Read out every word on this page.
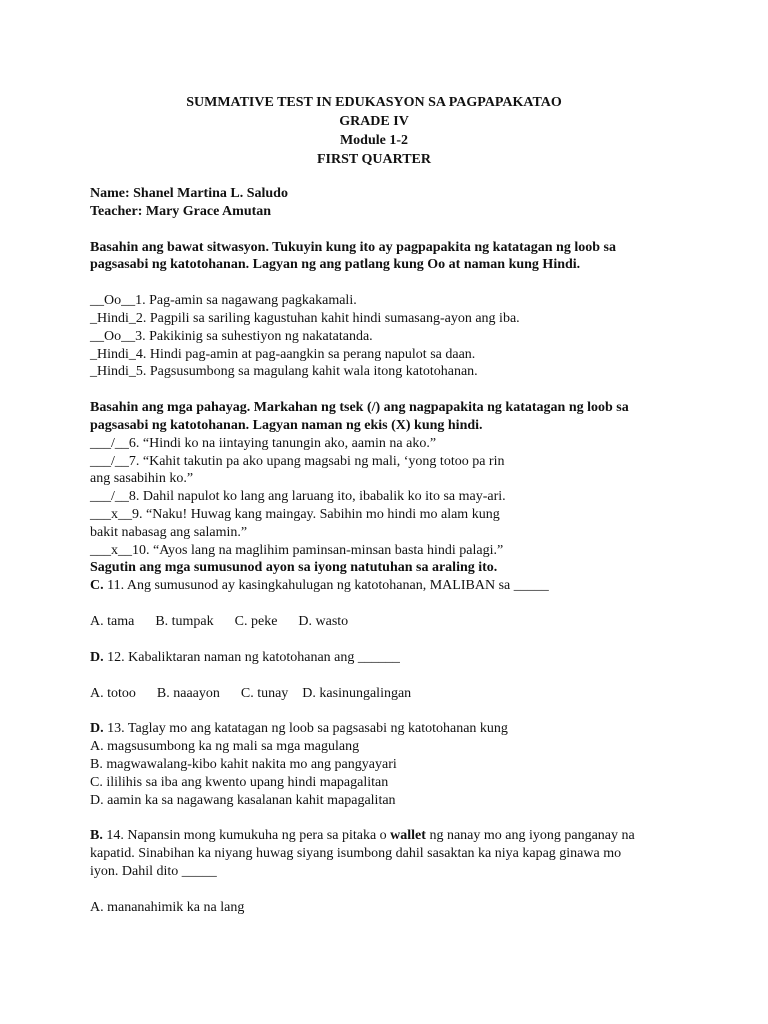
SUMMATIVE TEST IN EDUKASYON SA PAGPAPAKATAO
GRADE IV
Module 1-2
FIRST QUARTER
Name: Shanel Martina L. Saludo
Teacher: Mary Grace Amutan
Basahin ang bawat sitwasyon. Tukuyin kung ito ay pagpapakita ng katatagan ng loob sa
pagsasabi ng katotohanan. Lagyan ng ang patlang kung Oo at naman kung Hindi.
__Oo__1. Pag-amin sa nagawang pagkakamali.
_Hindi_2. Pagpili sa sariling kagustuhan kahit hindi sumasang-ayon ang iba.
__Oo__3. Pakikinig sa suhestiyon ng nakatatanda.
_Hindi_4. Hindi pag-amin at pag-aangkin sa perang napulot sa daan.
_Hindi_5. Pagsusumbong sa magulang kahit wala itong katotohanan.
Basahin ang mga pahayag. Markahan ng tsek (/) ang nagpapakita ng katatagan ng loob sa
pagsasabi ng katotohanan. Lagyan naman ng ekis (X) kung hindi.
___/__6. “Hindi ko na iintaying tanungin ako, aamin na ako.”
___/__7. “Kahit takutin pa ako upang magsabi ng mali, ‘yong totoo pa rin
ang sasabihin ko.”
___/__8. Dahil napulot ko lang ang laruang ito, ibabalik ko ito sa may-ari.
___x__9. “Naku! Huwag kang maingay. Sabihin mo hindi mo alam kung
bakit nabasag ang salamin.”
___x__10. “Ayos lang na maglihim paminsan-minsan basta hindi palagi.”
Sagutin ang mga sumusunod ayon sa iyong natutuhan sa araling ito.
C. 11. Ang sumusunod ay kasingkahulugan ng katotohanan, MALIBAN sa _____
A. tama      B. tumpak      C. peke      D. wasto
D. 12. Kabaliktaran naman ng katotohanan ang ______
A. totoo      B. naaayon      C. tunay    D. kasinungalingan
D. 13. Taglay mo ang katatagan ng loob sa pagsasabi ng katotohanan kung
A. magsusumbong ka ng mali sa mga magulang
B. magwawalang-kibo kahit nakita mo ang pangyayari
C. ililihis sa iba ang kwento upang hindi mapagalitan
D. aamin ka sa nagawang kasalanan kahit mapagalitan
B. 14. Napansin mong kumukuha ng pera sa pitaka o wallet ng nanay mo ang iyong panganay na
kapatid. Sinabihan ka niyang huwag siyang isumbong dahil sasaktan ka niya kapag ginawa mo
iyon. Dahil dito _____
A. mananahimik ka na lang
